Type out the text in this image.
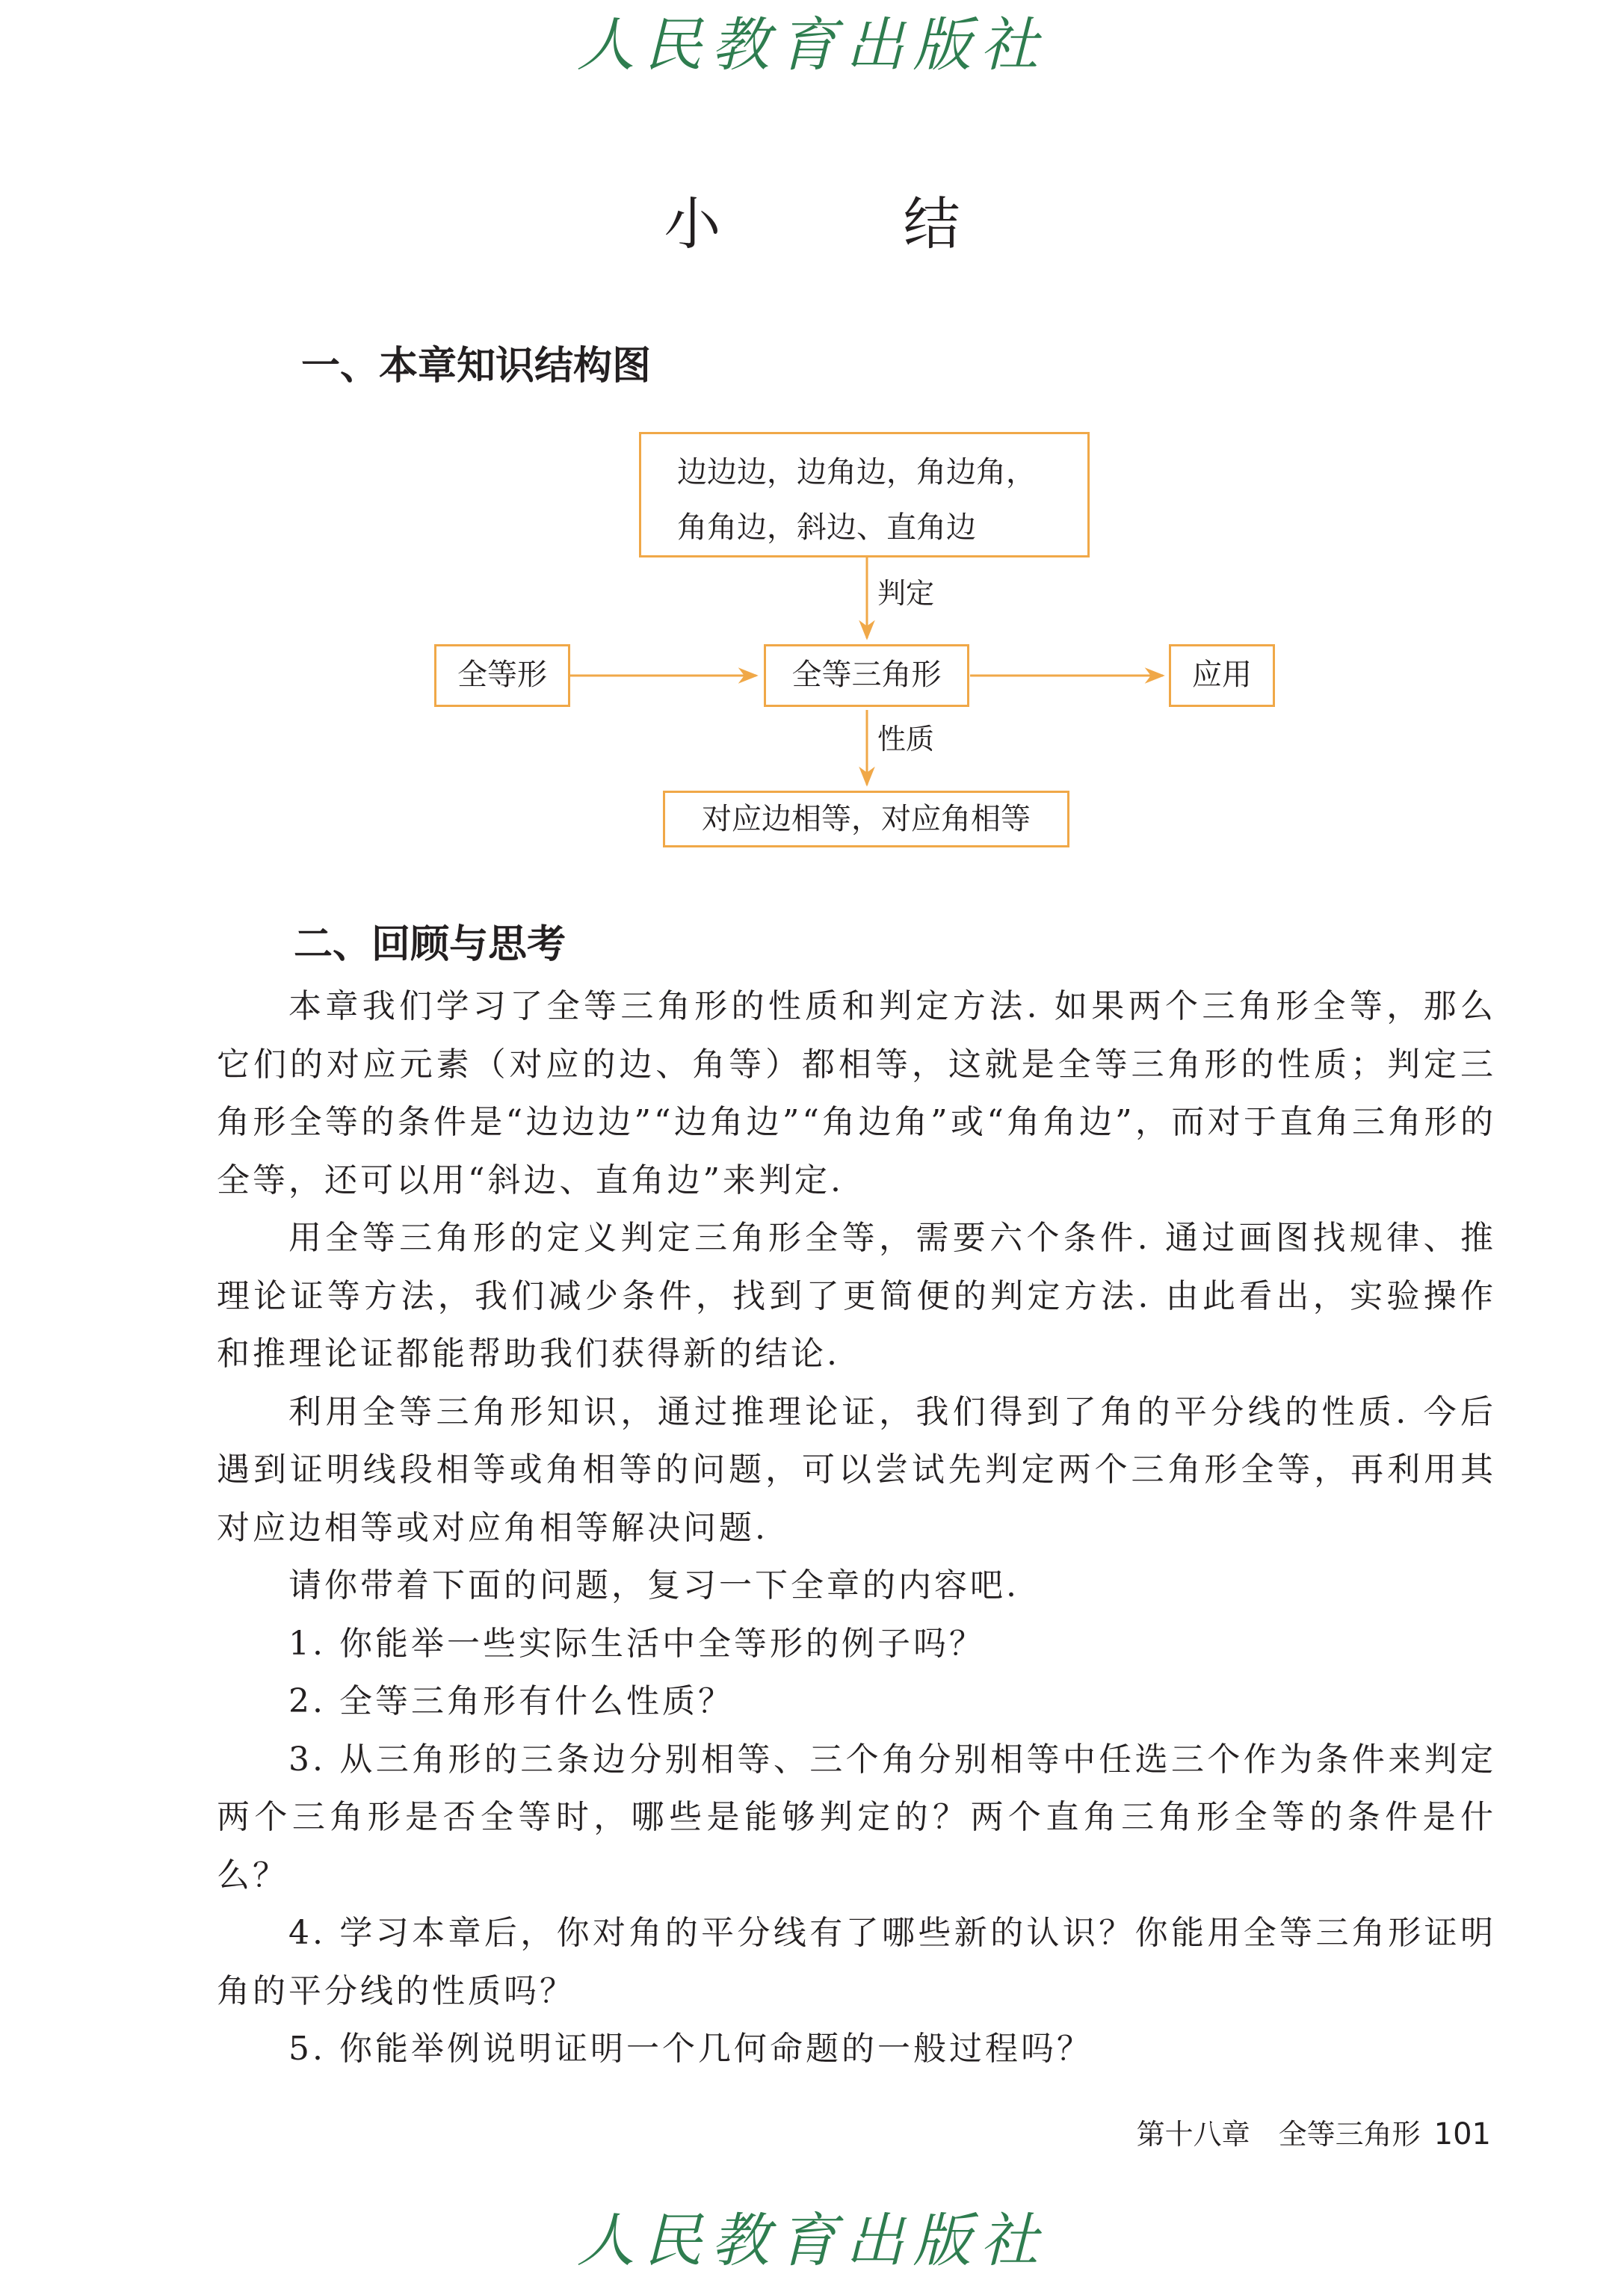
人民教育出版社
小 结
一、本章知识结构图
边边边，边角边，角边角，
角角边，斜边、直角边
判定
全等形	全等三角形	应用
性质
对应边相等，对应角相等
二、回顾与思考

本章我们学习了全等三角形的性质和判定方法. 如果两个三角形全等，那么它们的对应元素（对应的边、角等）都相等，这就是全等三角形的性质；判定三角形全等的条件是“边边边”“边角边”“角边角”或“角角边”，而对于直角三角形的全等，还可以用“斜边、直角边”来判定.

用全等三角形的定义判定三角形全等，需要六个条件. 通过画图找规律、推理论证等方法，我们减少条件，找到了更简便的判定方法. 由此看出，实验操作和推理论证都能帮助我们获得新的结论.

利用全等三角形知识，通过推理论证，我们得到了角的平分线的性质. 今后遇到证明线段相等或角相等的问题，可以尝试先判定两个三角形全等，再利用其对应边相等或对应角相等解决问题.

请你带着下面的问题，复习一下全章的内容吧.

1. 你能举一些实际生活中全等形的例子吗？

2. 全等三角形有什么性质？

3. 从三角形的三条边分别相等、三个角分别相等中任选三个作为条件来判定两个三角形是否全等时，哪些是能够判定的？两个直角三角形全等的条件是什么？

4. 学习本章后，你对角的平分线有了哪些新的认识？你能用全等三角形证明角的平分线的性质吗？

5. 你能举例说明证明一个几何命题的一般过程吗？

第十八章　全等三角形 101
人民教育出版社
